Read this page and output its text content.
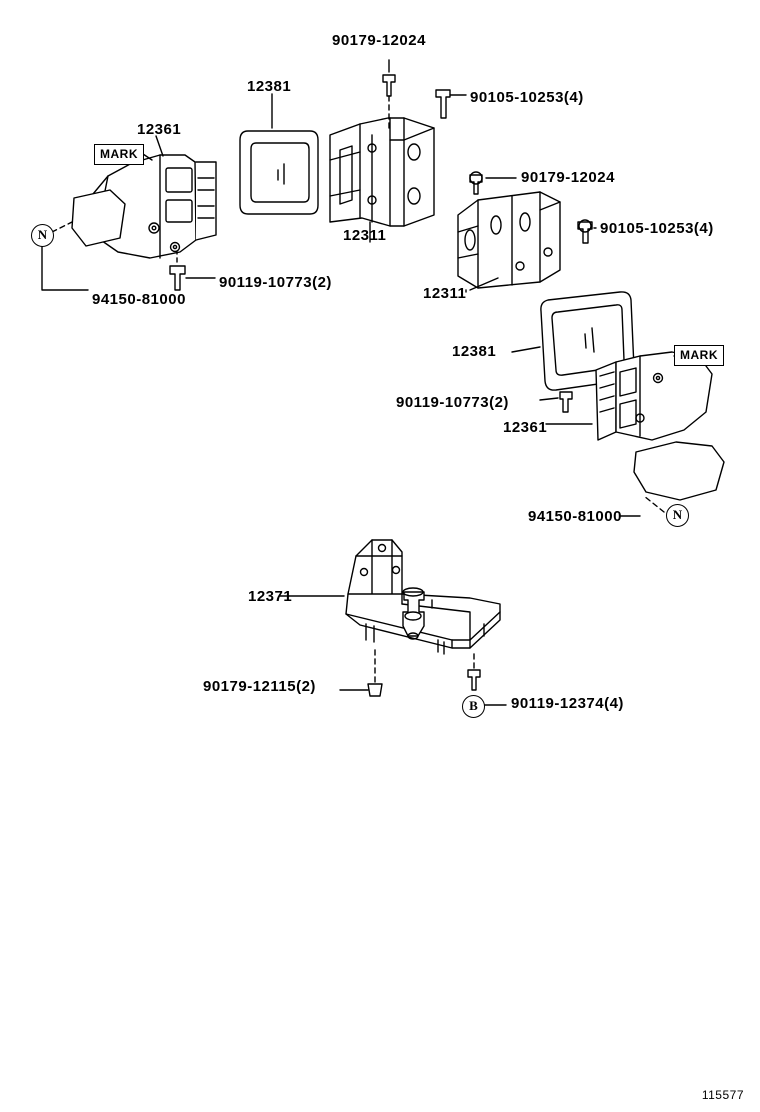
90179-12024
12381
90105-10253(4)
12361
90179-12024
12311	90105-10253(4)
90119-10773(2)
12311
94150-81000
12381
90119-10773(2)
12361
94150-81000
12371
90179-12115(2)
90119-12374(4)
MARK
MARK
N
N
B
115577
